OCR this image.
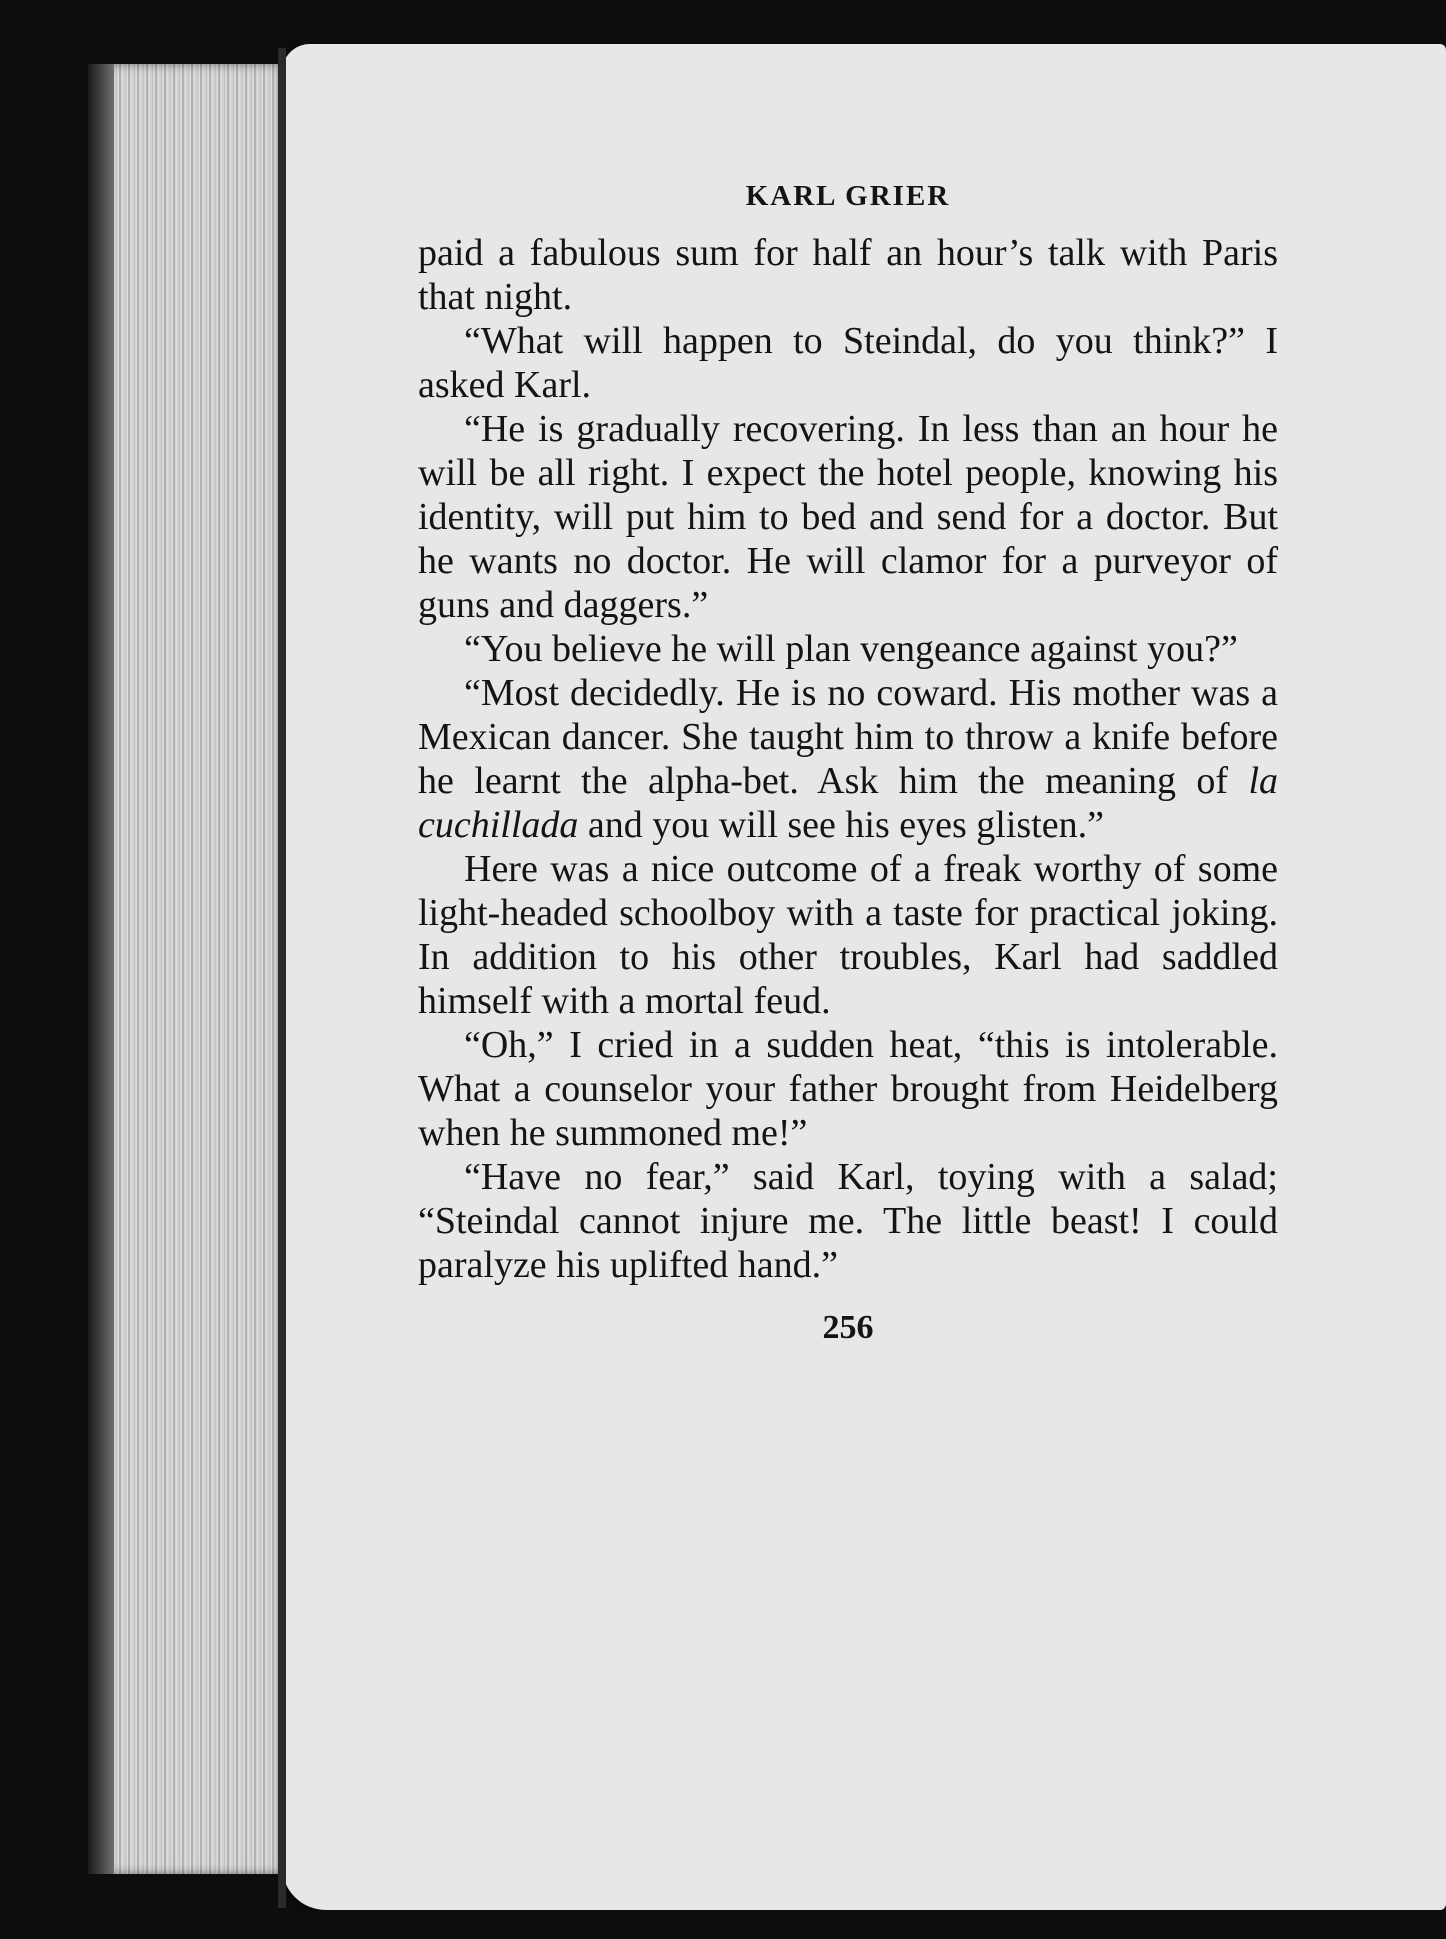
KARL GRIER

paid a fabulous sum for half an hour’s talk with Paris that night.

“What will happen to Steindal, do you think?” I asked Karl.

“He is gradually recovering. In less than an hour he will be all right. I expect the hotel people, knowing his identity, will put him to bed and send for a doctor. But he wants no doctor. He will clamor for a purveyor of guns and daggers.”

“You believe he will plan vengeance against you?”

“Most decidedly. He is no coward. His mother was a Mexican dancer. She taught him to throw a knife before he learnt the alpha-bet. Ask him the meaning of la cuchillada and you will see his eyes glisten.”

Here was a nice outcome of a freak worthy of some light-headed schoolboy with a taste for practical joking. In addition to his other troubles, Karl had saddled himself with a mortal feud.

“Oh,” I cried in a sudden heat, “this is intolerable. What a counselor your father brought from Heidelberg when he summoned me!”

“Have no fear,” said Karl, toying with a salad; “Steindal cannot injure me. The little beast! I could paralyze his uplifted hand.”

256
